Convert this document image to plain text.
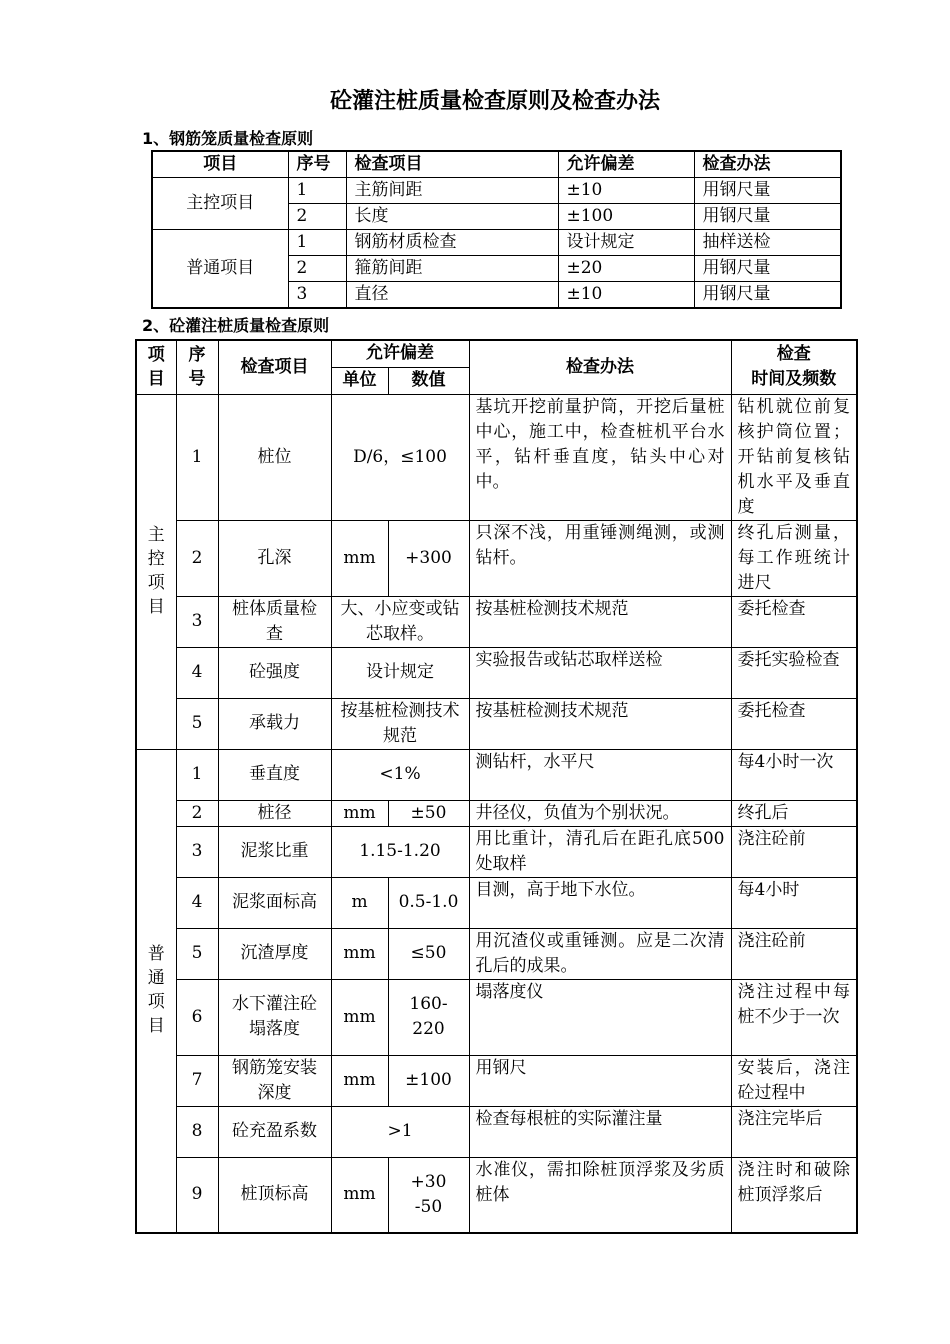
砼灌注桩质量检查原则及检查办法
1、钢筋笼质量检查原则
项目	序号	检查项目	允许偏差	检查办法
主控项目	1	主筋间距	±10	用钢尺量
	2	长度	±100	用钢尺量
普通项目	1	钢筋材质检查	设计规定	抽样送检
	2	箍筋间距	±20	用钢尺量
	3	直径	±10	用钢尺量
2、砼灌注桩质量检查原则
项目	序号	检查项目	允许偏差		检查办法	检查
时间及频数

			单位	数值		
主控项目	1	桩位	D/6，≤100		基坑开挖前量护筒，开挖后量桩中心，施工中，检查桩机平台水平，钻杆垂直度，钻头中心对中。	钻机就位前复核护筒位置；开钻前复核钻机水平及垂直度
	2	孔深	mm	+300	只深不浅，用重锤测绳测，或测钻杆。	终孔后测量，每工作班统计进尺
	3	桩体质量检查	大、小应变或钻芯取样。		按基桩检测技术规范	委托检查
	4	砼强度	设计规定		实验报告或钻芯取样送检	委托实验检查
	5	承载力	按基桩检测技术规范		按基桩检测技术规范	委托检查
普通项目	1	垂直度	<1%		测钻杆，水平尺	每4小时一次
	2	桩径	mm	±50	井径仪，负值为个别状况。	终孔后
	3	泥浆比重	1.15-1.20		用比重计，清孔后在距孔底500处取样	浇注砼前
	4	泥浆面标高	m	0.5-1.0	目测，高于地下水位。	每4小时
	5	沉渣厚度	mm	≤50	用沉渣仪或重锤测。应是二次清孔后的成果。	浇注砼前
	6	水下灌注砼塌落度	mm	160-220	塌落度仪	浇注过程中每桩不少于一次
	7	钢筋笼安装深度	mm	±100	用钢尺	安装后，浇注砼过程中
	8	砼充盈系数	>1		检查每根桩的实际灌注量	浇注完毕后
	9	桩顶标高	mm	+30
-50	水准仪，需扣除桩顶浮浆及劣质桩体	浇注时和破除桩顶浮浆后
